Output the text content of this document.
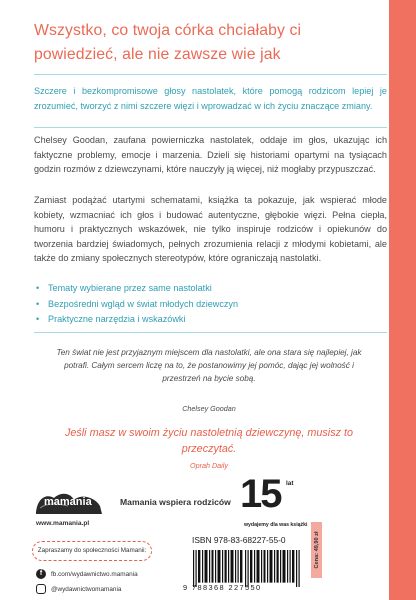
Wszystko, co twoja córka chciałaby ci powiedzieć, ale nie zawsze wie jak
Szczere i bezkompromisowe głosy nastolatek, które pomogą rodzicom lepiej je zrozumieć, tworzyć z nimi szczere więzi i wprowadzać w ich życiu znaczące zmiany.
Chelsey Goodan, zaufana powierniczka nastolatek, oddaje im głos, ukazując ich faktyczne problemy, emocje i marzenia. Dzieli się historiami opartymi na tysiącach godzin rozmów z dziewczynami, które nauczyły ją więcej, niż mogłaby przypuszczać.
Zamiast podążać utartymi schematami, książka ta pokazuje, jak wspierać młode kobiety, wzmacniać ich głos i budować autentyczne, głębokie więzi. Pełna ciepła, humoru i praktycznych wskazówek, nie tylko inspiruje rodziców i opiekunów do tworzenia bardziej świadomych, pełnych zrozumienia relacji z młodymi kobietami, ale także do zmiany społecznych stereotypów, które ograniczają nastolatki.
• Tematy wybierane przez same nastolatki
• Bezpośredni wgląd w świat młodych dziewczyn
• Praktyczne narzędzia i wskazówki
Ten świat nie jest przyjaznym miejscem dla nastolatki, ale ona stara się najlepiej, jak potrafi. Całym sercem liczę na to, że postanowimy jej pomóc, dając jej wolność i przestrzeń na bycie sobą.
Chelsey Goodan
Jeśli masz w swoim życiu nastoletnią dziewczynę, musisz to przeczytać.
Oprah Daily
mamania
www.mamania.pl
Mamania wspiera rodziców 15 lat
wydajemy dla was książki
Zapraszamy do społeczności Mamanii:
f	fb.com/wydawnictwo.mamania
@wydawnictwomamania
ISBN 978-83-68227-55-0
9 788368 227550
Cena: 49,90 zł
